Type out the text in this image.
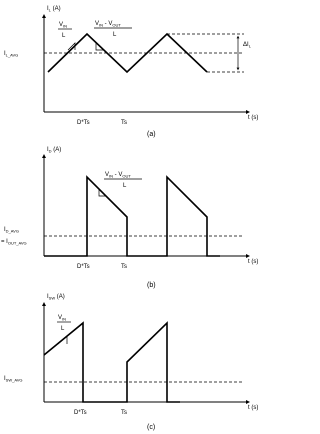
$I_L$ (A)
$I_{L\_AVG}$
$V_{IN}$
L
$V_{IN} - V_{OUT}$
L
$\Delta I_L$
t (s)
D*Ts	Ts
(a)
$I_D$ (A)
$I_{D\_AVG}$
= $I_{OUT\_AVG}$
$V_{IN} - V_{OUT}$
L
t (s)
D*Ts	Ts
(b)
$I_{SW}$ (A)
$I_{SW\_AVG}$
$V_{IN}$
L
t (s)
D*Ts	Ts
(c)
